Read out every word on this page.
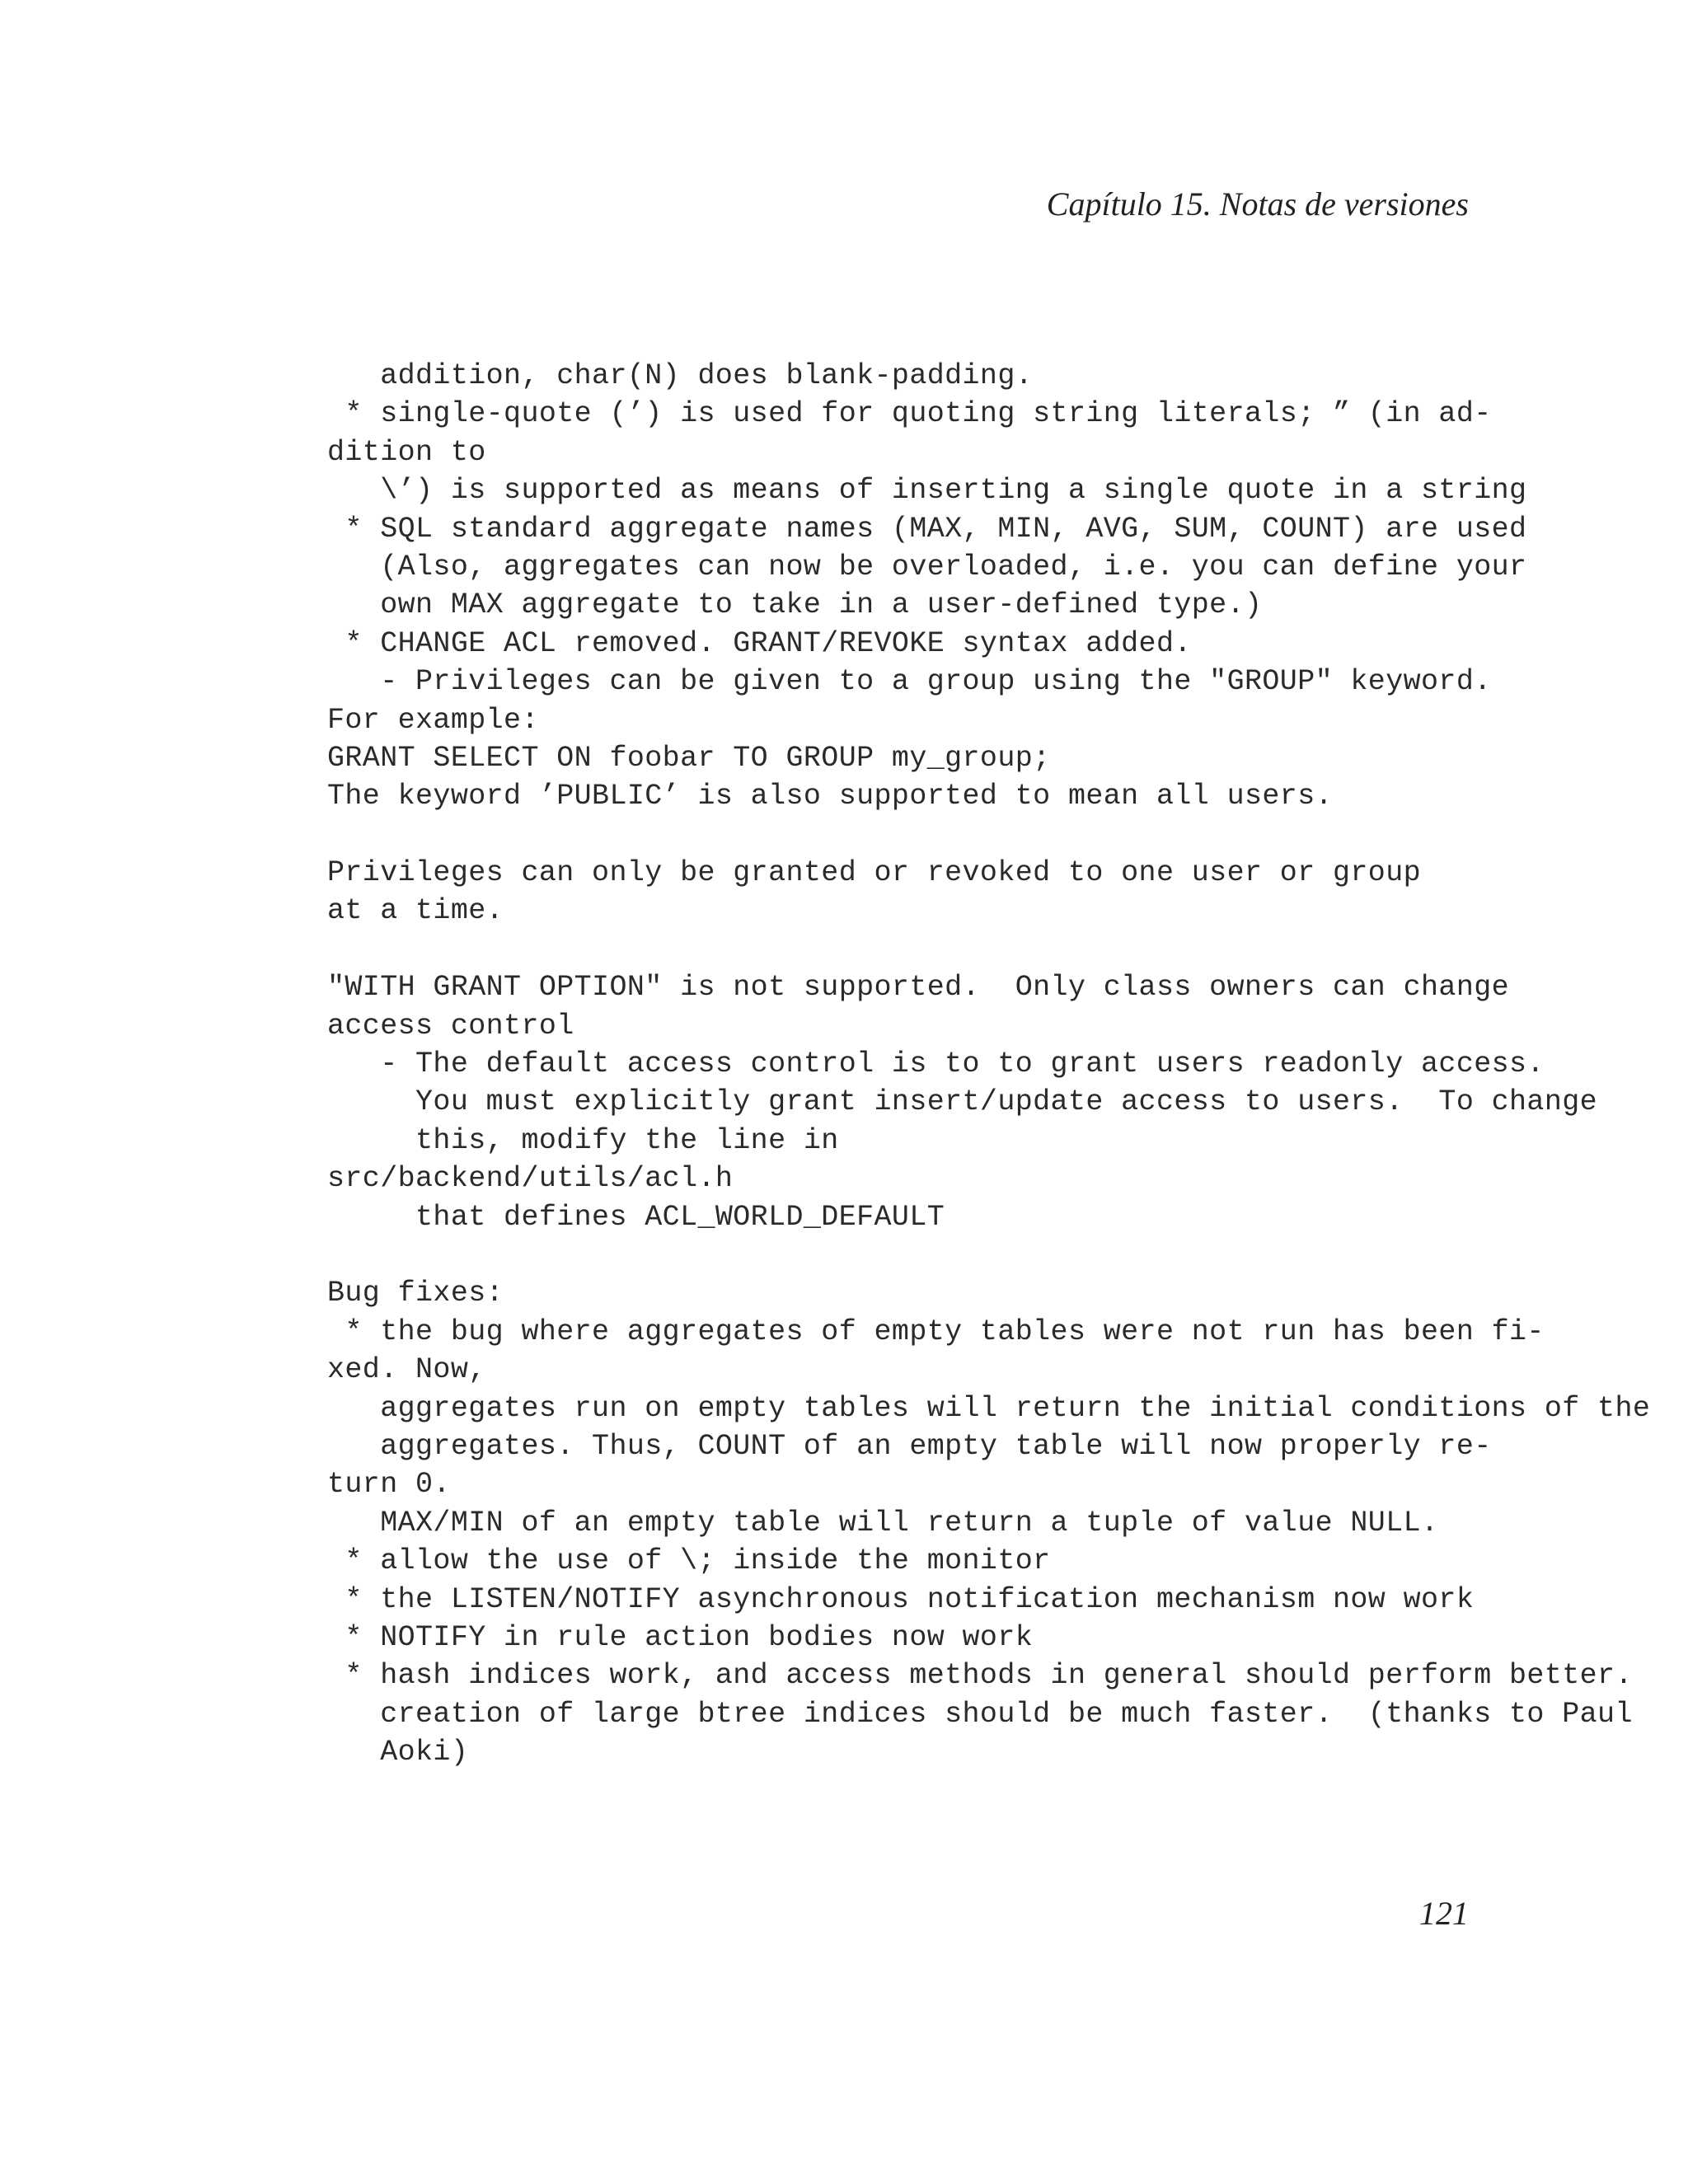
Capítulo 15. Notas de versiones
addition, char(N) does blank-padding.
* single-quote (’) is used for quoting string literals; ” (in ad-
dition to
\’) is supported as means of inserting a single quote in a string
* SQL standard aggregate names (MAX, MIN, AVG, SUM, COUNT) are used
(Also, aggregates can now be overloaded, i.e. you can define your
own MAX aggregate to take in a user-defined type.)
* CHANGE ACL removed. GRANT/REVOKE syntax added.
- Privileges can be given to a group using the "GROUP" keyword.
For example:
GRANT SELECT ON foobar TO GROUP my_group;
The keyword ’PUBLIC’ is also supported to mean all users.
Privileges can only be granted or revoked to one user or group
at a time.
"WITH GRANT OPTION" is not supported.  Only class owners can change
access control
- The default access control is to to grant users readonly access.
You must explicitly grant insert/update access to users.  To change
this, modify the line in
src/backend/utils/acl.h
that defines ACL_WORLD_DEFAULT
Bug fixes:
* the bug where aggregates of empty tables were not run has been fi-
xed. Now,
aggregates run on empty tables will return the initial conditions of the
aggregates. Thus, COUNT of an empty table will now properly re-
turn 0.
MAX/MIN of an empty table will return a tuple of value NULL.
* allow the use of \; inside the monitor
* the LISTEN/NOTIFY asynchronous notification mechanism now work
* NOTIFY in rule action bodies now work
* hash indices work, and access methods in general should perform better.
creation of large btree indices should be much faster.  (thanks to Paul
Aoki)
121
